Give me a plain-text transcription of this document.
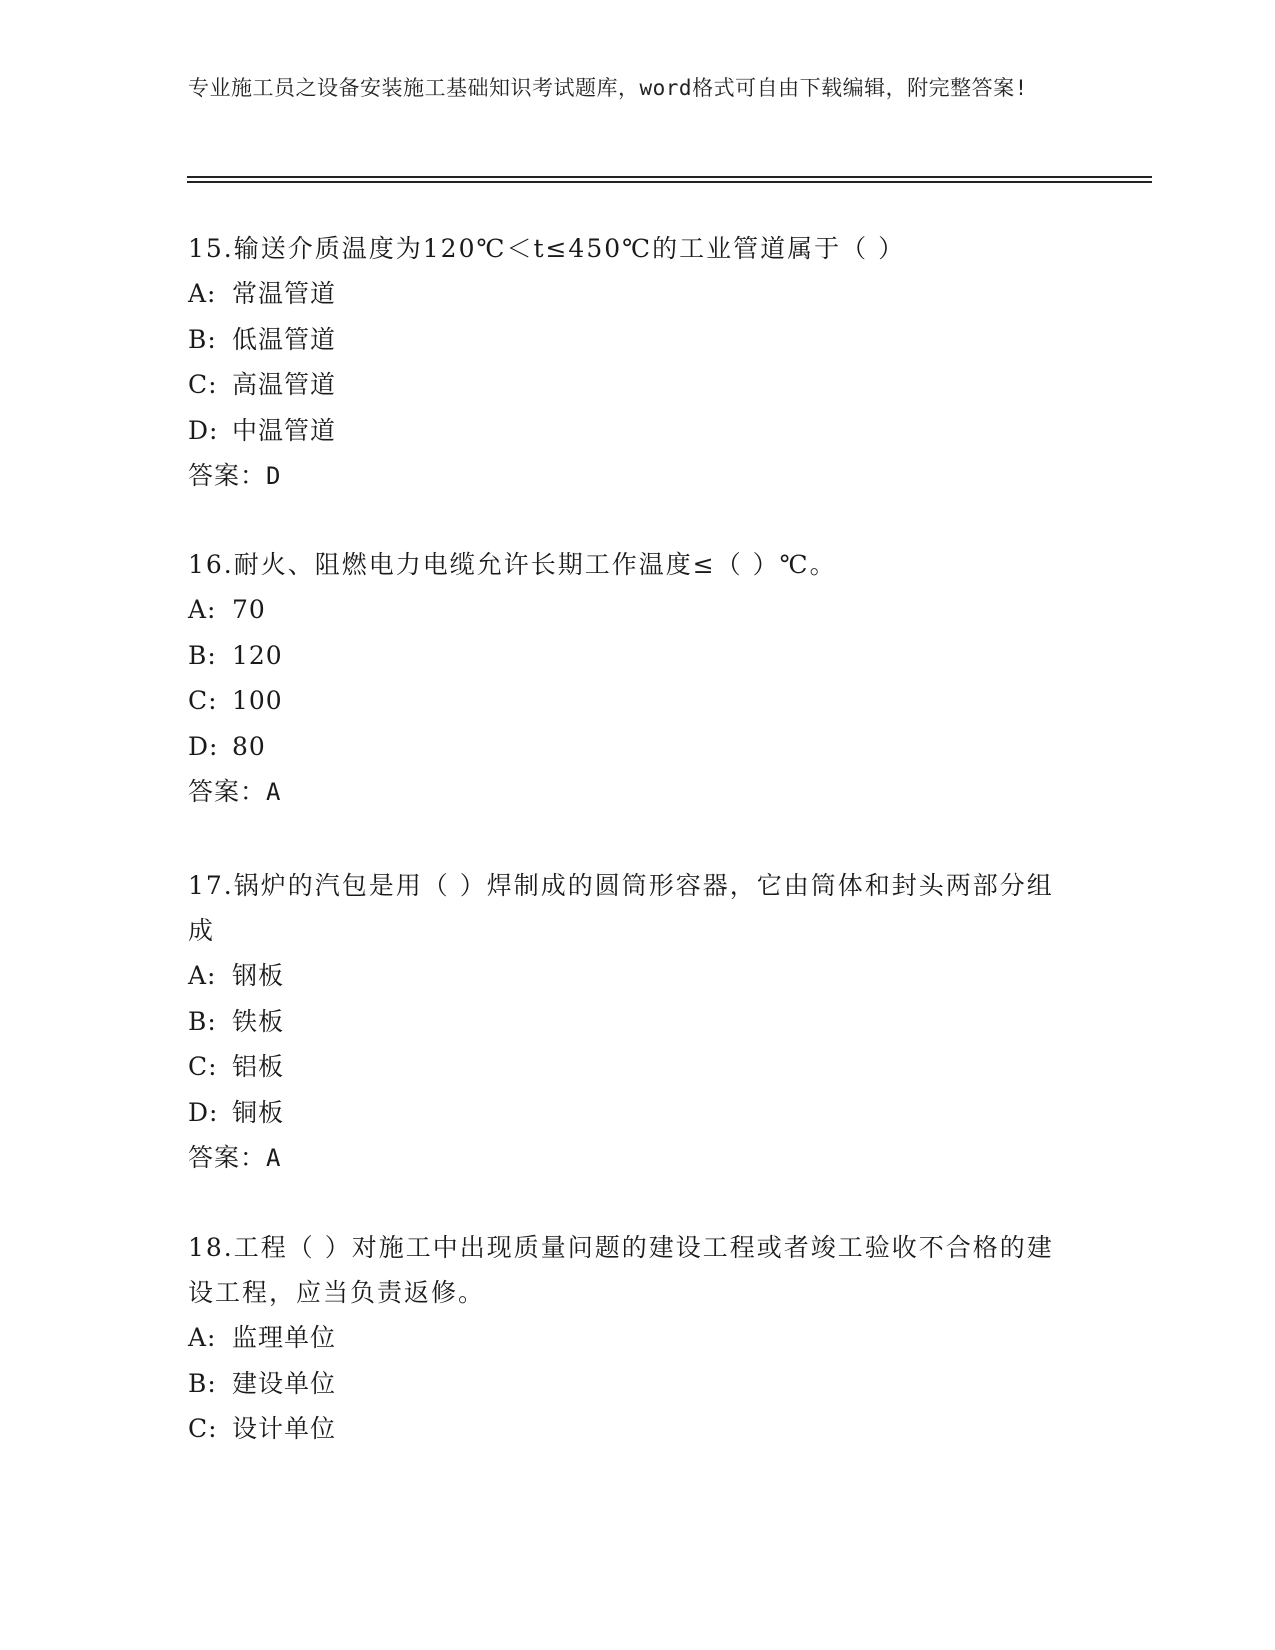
专业施工员之设备安装施工基础知识考试题库，word格式可自由下载编辑，附完整答案!
15.输送介质温度为120℃＜t≤450℃的工业管道属于（ ）
A: 常温管道
B: 低温管道
C: 高温管道
D: 中温管道
答案：D
16.耐火、阻燃电力电缆允许长期工作温度≤（ ）℃。
A: 70
B: 120
C: 100
D: 80
答案：A
17.锅炉的汽包是用（ ）焊制成的圆筒形容器，它由筒体和封头两部分组成
A: 钢板
B: 铁板
C: 铝板
D: 铜板
答案：A
18.工程（ ）对施工中出现质量问题的建设工程或者竣工验收不合格的建设工程，应当负责返修。
A: 监理单位
B: 建设单位
C: 设计单位
